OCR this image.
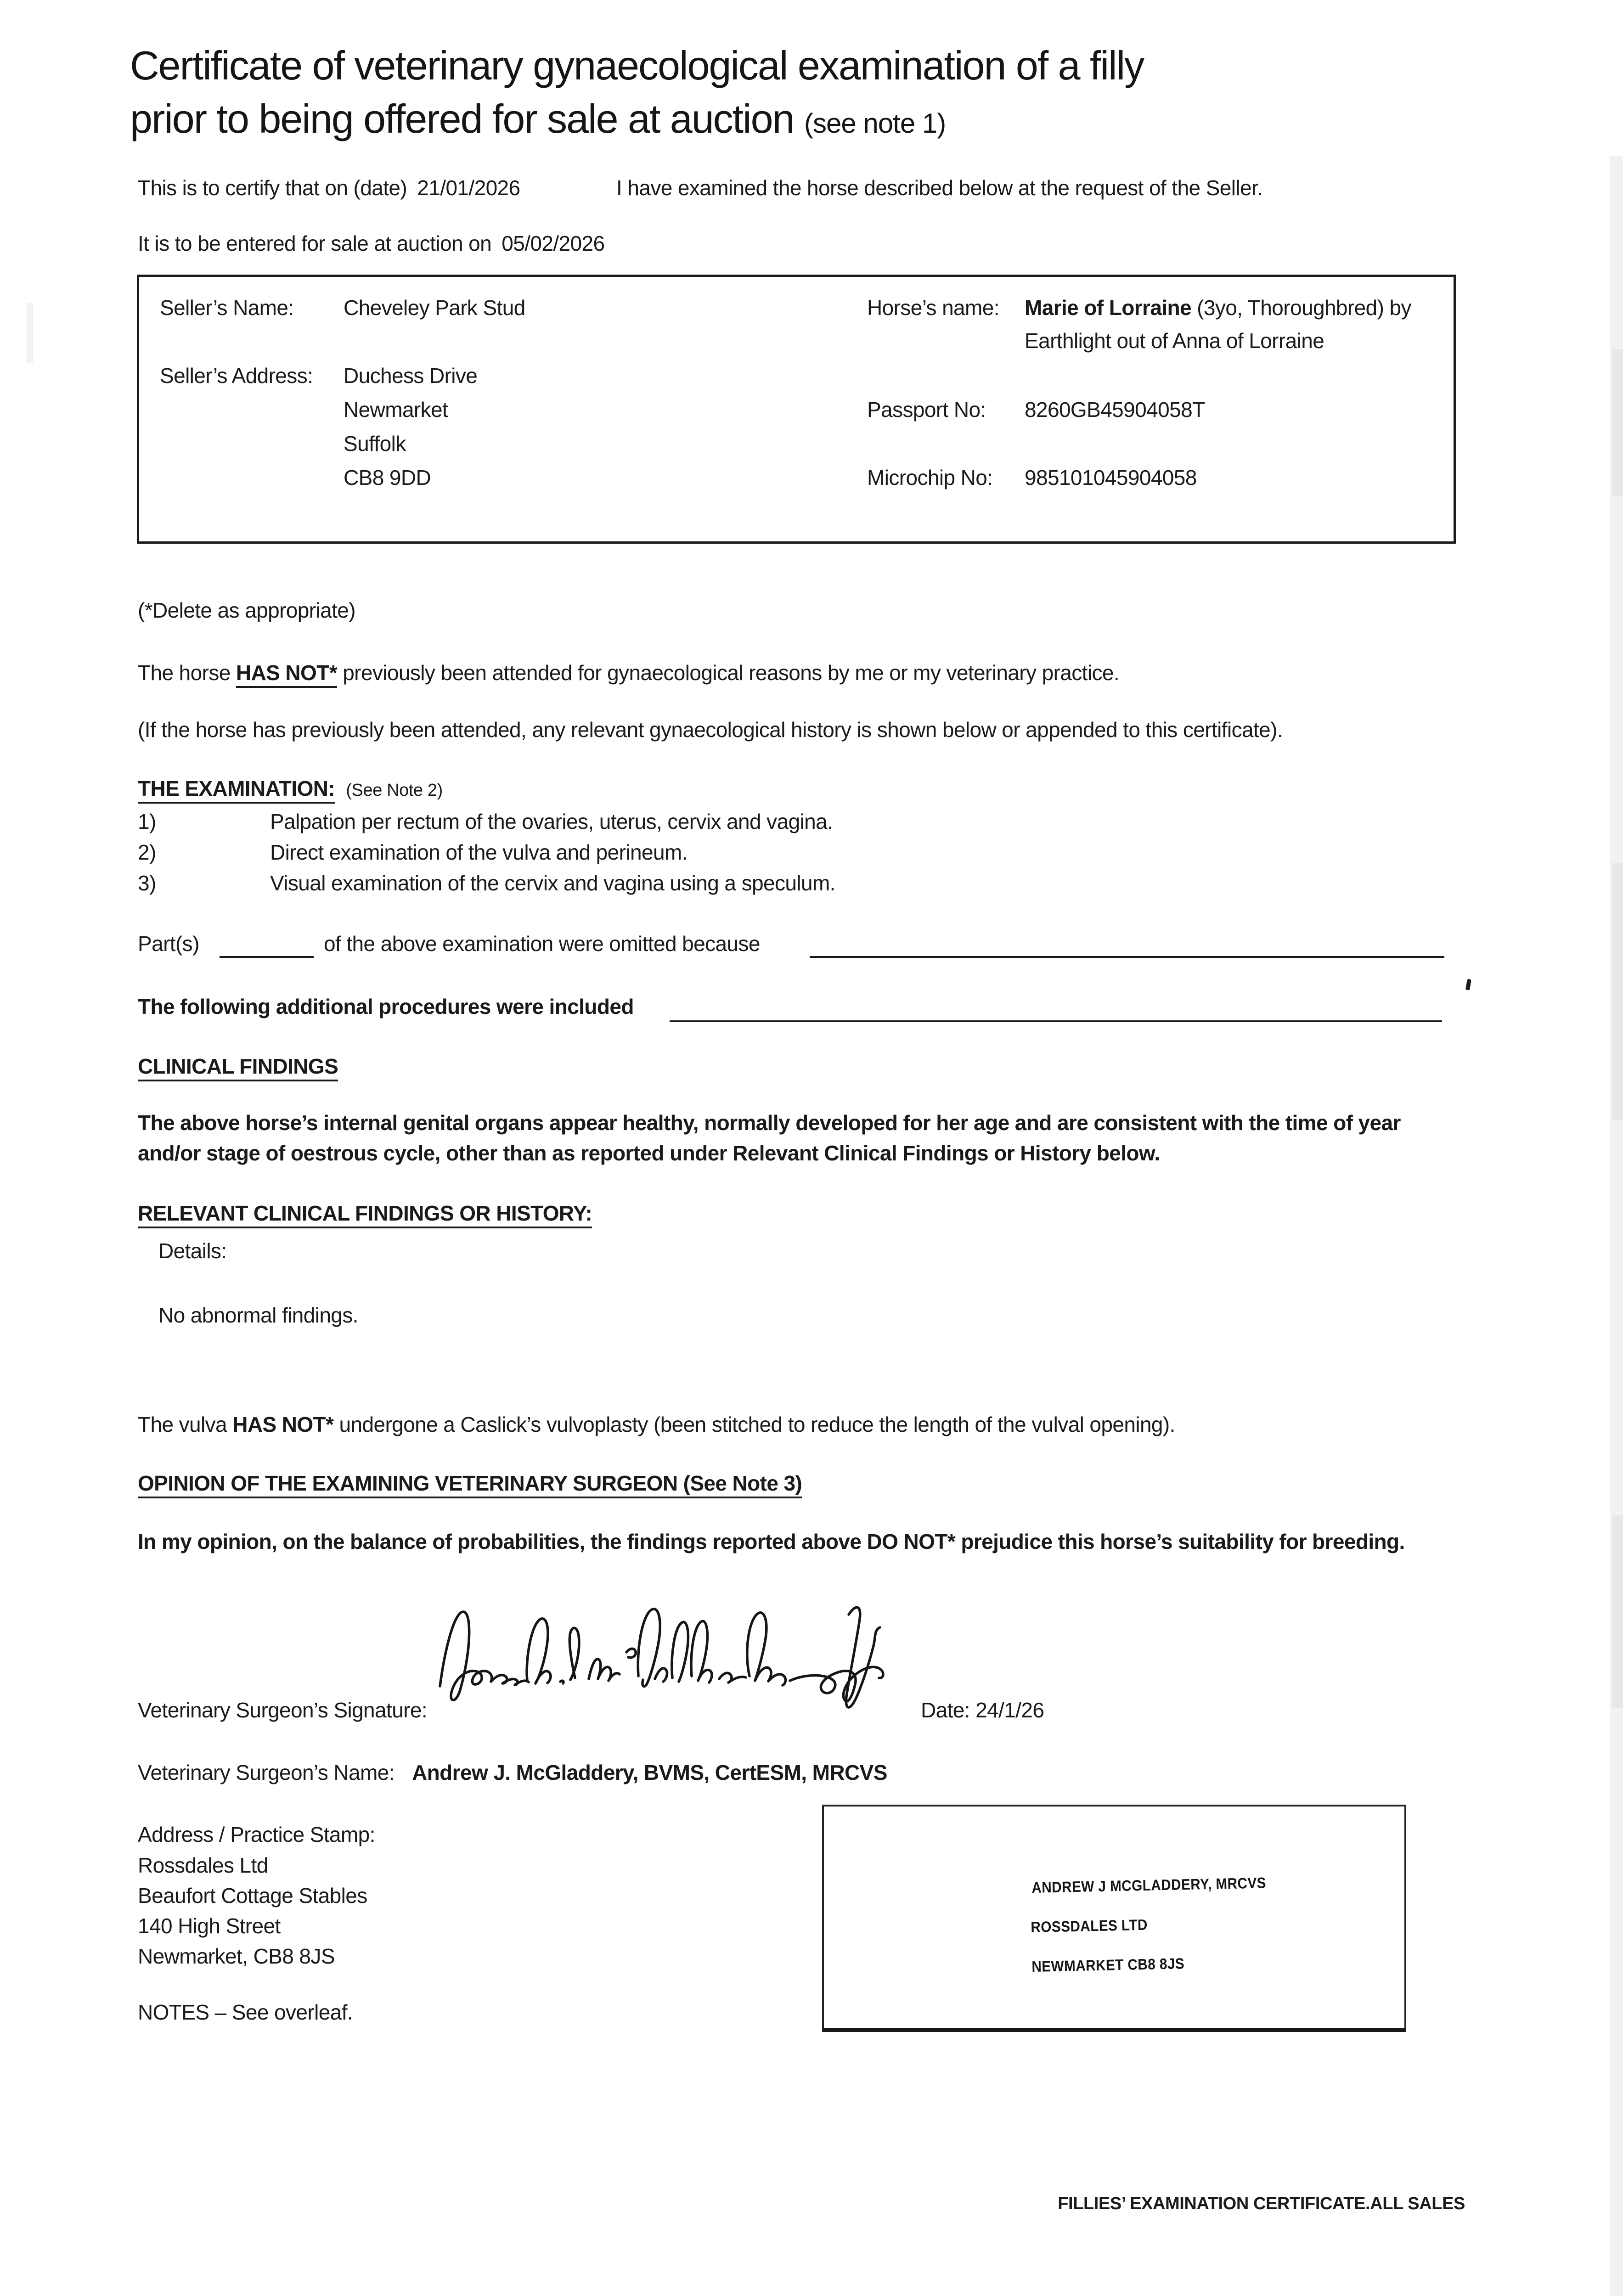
Certificate of veterinary gynaecological examination of a filly
prior to being offered for sale at auction (see note 1)
This is to certify that on (date) 21/01/2026	I have examined the horse described below at the request of the Seller.
It is to be entered for sale at auction on 05/02/2026
Seller’s Name: Cheveley Park Stud	Horse’s name: Marie of Lorraine (3yo, Thoroughbred) by
Earthlight out of Anna of Lorraine
Seller’s Address: Duchess Drive
Newmarket
Suffolk
CB8 9DD
Passport No: 8260GB45904058T
Microchip No: 985101045904058
(*Delete as appropriate)
The horse HAS NOT* previously been attended for gynaecological reasons by me or my veterinary practice.
(If the horse has previously been attended, any relevant gynaecological history is shown below or appended to this certificate).
THE EXAMINATION: (See Note 2)
1)	Palpation per rectum of the ovaries, uterus, cervix and vagina.
2)	Direct examination of the vulva and perineum.
3)	Visual examination of the cervix and vagina using a speculum.
Part(s)	of the above examination were omitted because
The following additional procedures were included
CLINICAL FINDINGS
The above horse’s internal genital organs appear healthy, normally developed for her age and are consistent with the time of year
and/or stage of oestrous cycle, other than as reported under Relevant Clinical Findings or History below.
RELEVANT CLINICAL FINDINGS OR HISTORY:
Details:
No abnormal findings.
The vulva HAS NOT* undergone a Caslick’s vulvoplasty (been stitched to reduce the length of the vulval opening).
OPINION OF THE EXAMINING VETERINARY SURGEON (See Note 3)
In my opinion, on the balance of probabilities, the findings reported above DO NOT* prejudice this horse’s suitability for breeding.
Veterinary Surgeon’s Signature:	Date: 24/1/26
Veterinary Surgeon’s Name: Andrew J. McGladdery, BVMS, CertESM, MRCVS
Address / Practice Stamp:
Rossdales Ltd
Beaufort Cottage Stables
140 High Street
Newmarket, CB8 8JS
NOTES – See overleaf.
ANDREW J MCGLADDERY, MRCVS
ROSSDALES LTD
NEWMARKET CB8 8JS
FILLIES’ EXAMINATION CERTIFICATE.ALL SALES
